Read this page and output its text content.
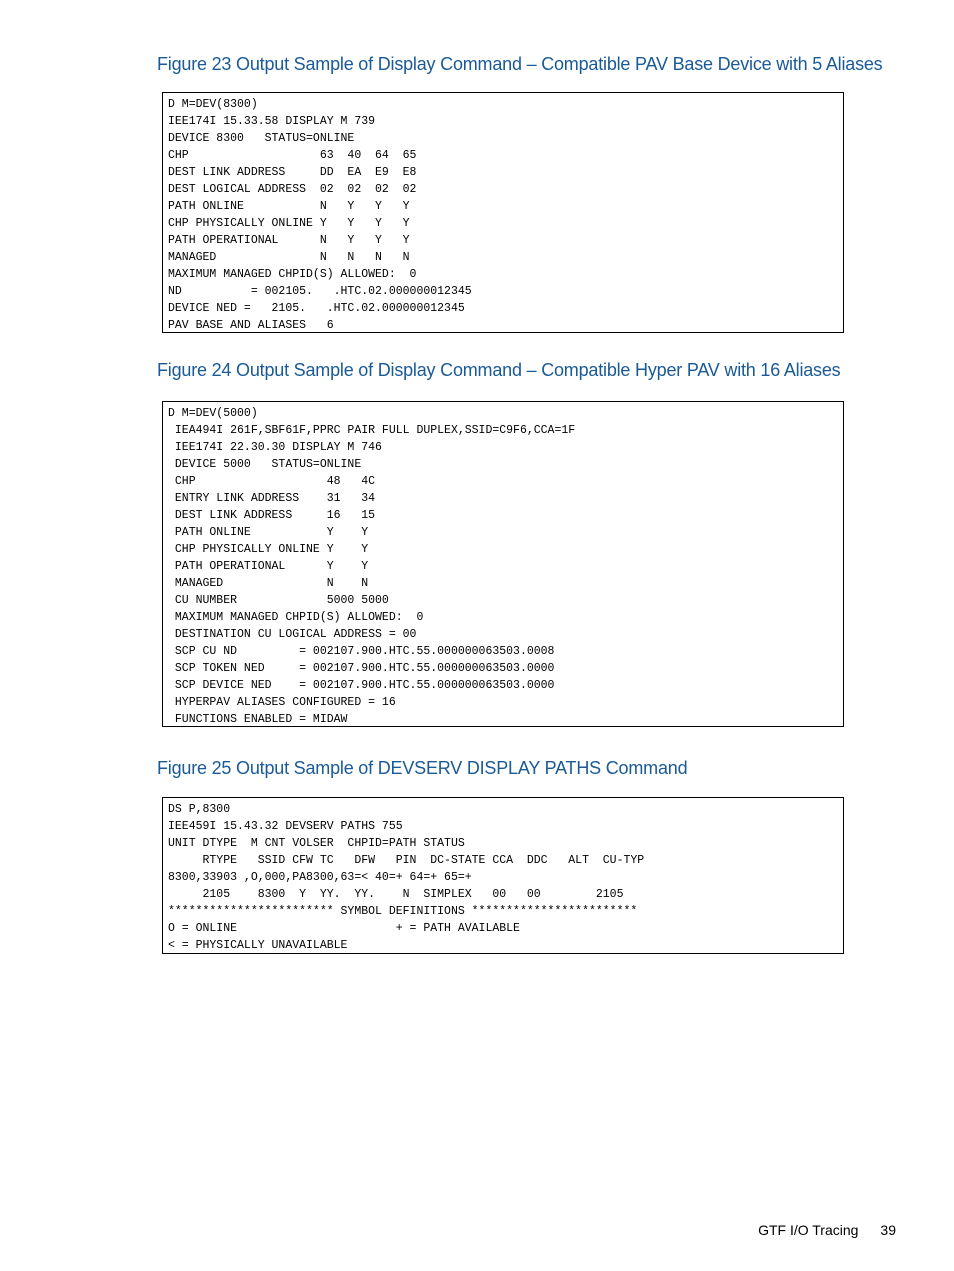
Figure 23 Output Sample of Display Command – Compatible PAV Base Device with 5 Aliases
D M=DEV(8300)
IEE174I 15.33.58 DISPLAY M 739
DEVICE 8300   STATUS=ONLINE
CHP                   63  40  64  65
DEST LINK ADDRESS     DD  EA  E9  E8
DEST LOGICAL ADDRESS  02  02  02  02
PATH ONLINE           N   Y   Y   Y
CHP PHYSICALLY ONLINE Y   Y   Y   Y
PATH OPERATIONAL      N   Y   Y   Y
MANAGED               N   N   N   N
MAXIMUM MANAGED CHPID(S) ALLOWED:  0
ND          = 002105.   .HTC.02.000000012345
DEVICE NED =   2105.   .HTC.02.000000012345
PAV BASE AND ALIASES   6
Figure 24 Output Sample of Display Command – Compatible Hyper PAV with 16 Aliases
D M=DEV(5000)
IEA494I 261F,SBF61F,PPRC PAIR FULL DUPLEX,SSID=C9F6,CCA=1F
IEE174I 22.30.30 DISPLAY M 746
DEVICE 5000   STATUS=ONLINE
CHP                   48   4C
ENTRY LINK ADDRESS    31   34
DEST LINK ADDRESS     16   15
PATH ONLINE           Y    Y
CHP PHYSICALLY ONLINE Y    Y
PATH OPERATIONAL      Y    Y
MANAGED               N    N
CU NUMBER             5000 5000
MAXIMUM MANAGED CHPID(S) ALLOWED:  0
DESTINATION CU LOGICAL ADDRESS = 00
SCP CU ND         = 002107.900.HTC.55.000000063503.0008
SCP TOKEN NED     = 002107.900.HTC.55.000000063503.0000
SCP DEVICE NED    = 002107.900.HTC.55.000000063503.0000
HYPERPAV ALIASES CONFIGURED = 16
FUNCTIONS ENABLED = MIDAW
Figure 25 Output Sample of DEVSERV DISPLAY PATHS Command
DS P,8300
IEE459I 15.43.32 DEVSERV PATHS 755
UNIT DTYPE  M CNT VOLSER  CHPID=PATH STATUS
RTYPE   SSID CFW TC   DFW   PIN  DC-STATE CCA  DDC   ALT  CU-TYP
8300,33903 ,O,000,PA8300,63=< 40=+ 64=+ 65=+
2105    8300  Y  YY.  YY.    N  SIMPLEX   00   00        2105
************************ SYMBOL DEFINITIONS ************************
O = ONLINE                       + = PATH AVAILABLE
< = PHYSICALLY UNAVAILABLE
GTF I/O Tracing 39
